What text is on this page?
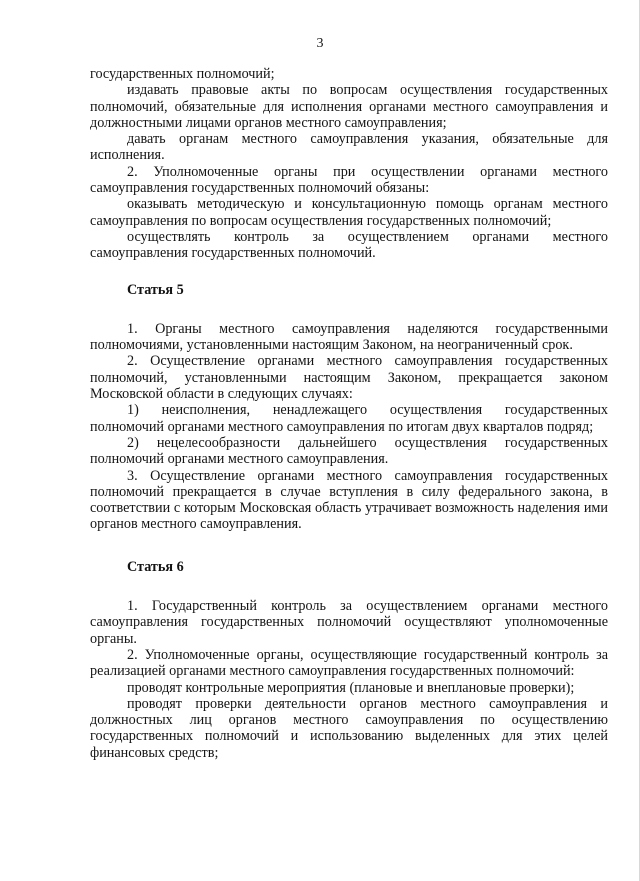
3

государственных полномочий;

издавать правовые акты по вопросам осуществления государственных полномочий, обязательные для исполнения органами местного самоуправления и должностными лицами органов местного самоуправления;

давать органам местного самоуправления указания, обязательные для исполнения.

2. Уполномоченные органы при осуществлении органами местного самоуправления государственных полномочий обязаны:

оказывать методическую и консультационную помощь органам местного самоуправления по вопросам осуществления государственных полномочий;

осуществлять контроль за осуществлением органами местного самоуправления государственных полномочий.

Статья 5

1. Органы местного самоуправления наделяются государственными полномочиями, установленными настоящим Законом, на неограниченный срок.

2. Осуществление органами местного самоуправления государственных полномочий, установленными настоящим Законом, прекращается законом Московской области в следующих случаях:

1) неисполнения, ненадлежащего осуществления государственных полномочий органами местного самоуправления по итогам двух кварталов подряд;

2) нецелесообразности дальнейшего осуществления государственных полномочий органами местного самоуправления.

3. Осуществление органами местного самоуправления государственных полномочий прекращается в случае вступления в силу федерального закона, в соответствии с которым Московская область утрачивает возможность наделения ими органов местного самоуправления.

Статья 6

1. Государственный контроль за осуществлением органами местного самоуправления государственных полномочий осуществляют уполномоченные органы.

2. Уполномоченные органы, осуществляющие государственный контроль за реализацией органами местного самоуправления государственных полномочий:

проводят контрольные мероприятия (плановые и внеплановые проверки);

проводят проверки деятельности органов местного самоуправления и должностных лиц органов местного самоуправления по осуществлению государственных полномочий и использованию выделенных для этих целей финансовых средств;
